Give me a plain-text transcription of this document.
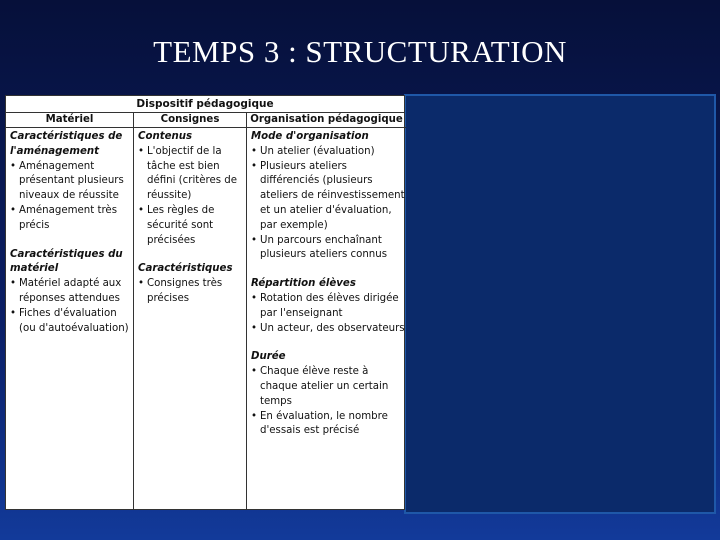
TEMPS 3 : STRUCTURATION
Dispositif pédagogique
Matériel
Caractéristiques de l'aménagement
• Aménagement présentant plusieurs niveaux de réussite
• Aménagement très précis
Caractéristiques du matériel
• Matériel adapté aux réponses attendues
• Fiches d'évaluation (ou d'autoévaluation)
Consignes
Contenus
• L'objectif de la tâche est bien défini (critères de réussite)
• Les règles de sécurité sont précisées
Caractéristiques
• Consignes très précises
Organisation pédagogique
Mode d'organisation
• Un atelier (évaluation)
• Plusieurs ateliers différenciés (plusieurs ateliers de réinvestissement et un atelier d'évaluation, par exemple)
• Un parcours enchaînant plusieurs ateliers connus
Répartition élèves
• Rotation des élèves dirigée par l'enseignant
• Un acteur, des observateurs
Durée
• Chaque élève reste à chaque atelier un certain temps
• En évaluation, le nombre d'essais est précisé
